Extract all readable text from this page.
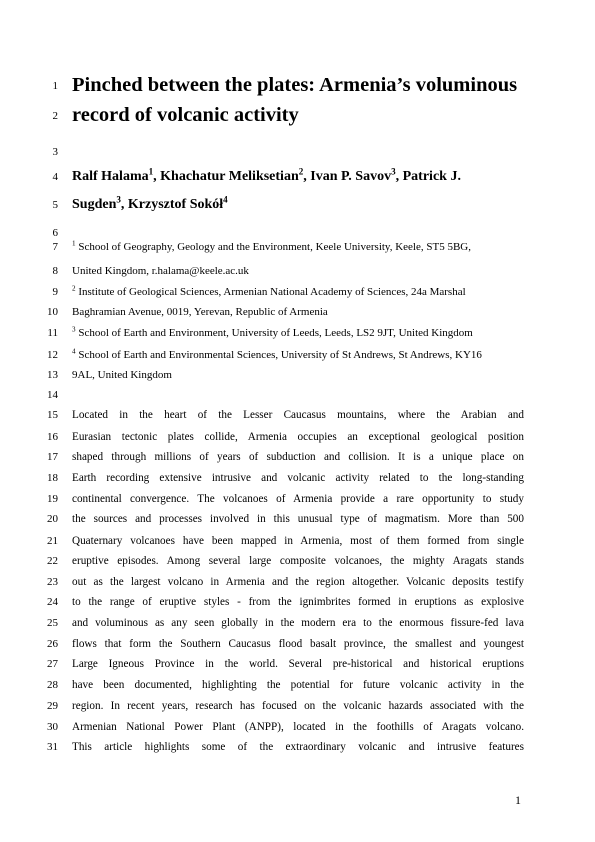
1 Pinched between the plates: Armenia’s voluminous
2 record of volcanic activity
3
4 Ralf Halama$^1$, Khachatur Meliksetian$^2$, Ivan P. Savov$^3$, Patrick J.
5 Sugden$^3$, Krzysztof Sokół$^4$
6
7 $^1$ School of Geography, Geology and the Environment, Keele University, Keele, ST5 5BG,
8 United Kingdom, r.halama@keele.ac.uk
9 $^2$ Institute of Geological Sciences, Armenian National Academy of Sciences, 24a Marshal
10 Baghramian Avenue, 0019, Yerevan, Republic of Armenia
11 $^3$ School of Earth and Environment, University of Leeds, Leeds, LS2 9JT, United Kingdom
12 $^4$ School of Earth and Environmental Sciences, University of St Andrews, St Andrews, KY16
13 9AL, United Kingdom
14
15 Located in the heart of the Lesser Caucasus mountains, where the Arabian and
16 Eurasian tectonic plates collide, Armenia occupies an exceptional geological position
17 shaped through millions of years of subduction and collision. It is a unique place on
18 Earth recording extensive intrusive and volcanic activity related to the long-standing
19 continental convergence. The volcanoes of Armenia provide a rare opportunity to study
20 the sources and processes involved in this unusual type of magmatism. More than 500
21 Quaternary volcanoes have been mapped in Armenia, most of them formed from single
22 eruptive episodes. Among several large composite volcanoes, the mighty Aragats stands
23 out as the largest volcano in Armenia and the region altogether. Volcanic deposits testify
24 to the range of eruptive styles - from the ignimbrites formed in eruptions as explosive
25 and voluminous as any seen globally in the modern era to the enormous fissure-fed lava
26 flows that form the Southern Caucasus flood basalt province, the smallest and youngest
27 Large Igneous Province in the world. Several pre-historical and historical eruptions
28 have been documented, highlighting the potential for future volcanic activity in the
29 region. In recent years, research has focused on the volcanic hazards associated with the
30 Armenian National Power Plant (ANPP), located in the foothills of Aragats volcano.
31 This article highlights some of the extraordinary volcanic and intrusive features
1
